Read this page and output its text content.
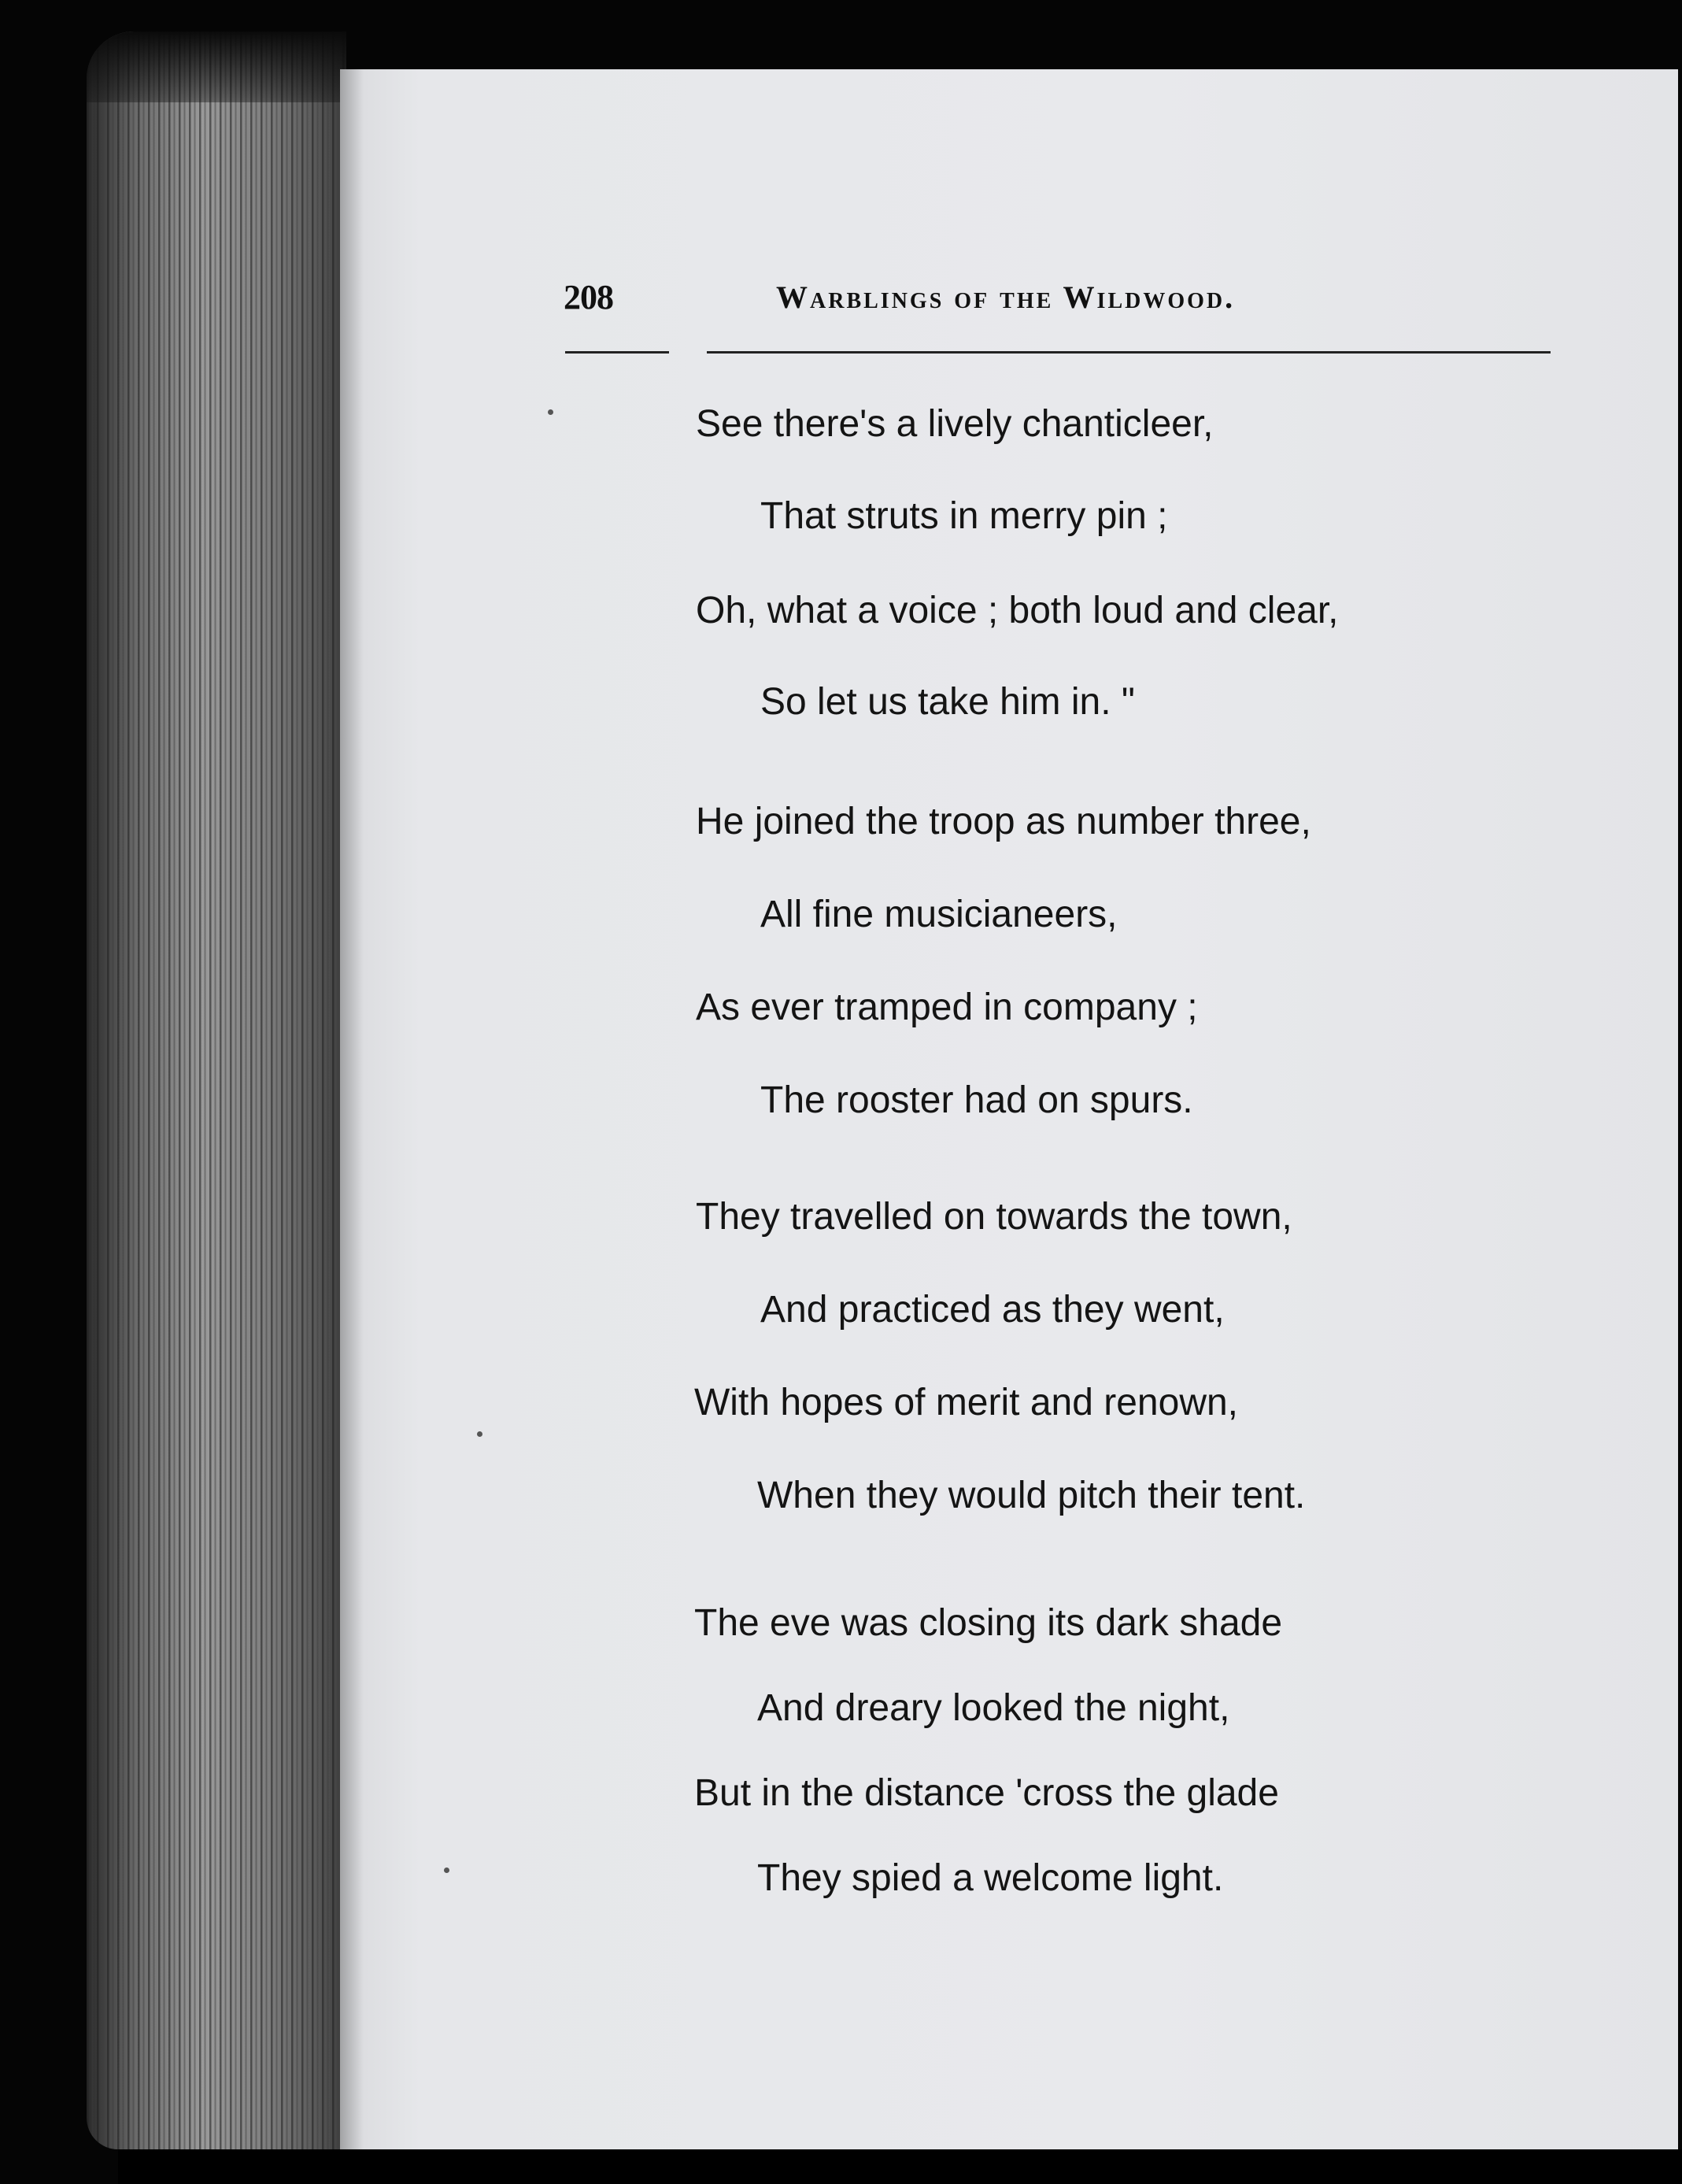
208	Warblings of the Wildwood.
See there's a lively chanticleer,
That struts in merry pin ;
Oh, what a voice ; both loud and clear,
So let us take him in. "
He joined the troop as number three,
All fine musicianeers,
As ever tramped in company ;
The rooster had on spurs.
They travelled on towards the town,
And practiced as they went,
With hopes of merit and renown,
When they would pitch their tent.
The eve was closing its dark shade
And dreary looked the night,
But in the distance 'cross the glade
They spied a welcome light.
